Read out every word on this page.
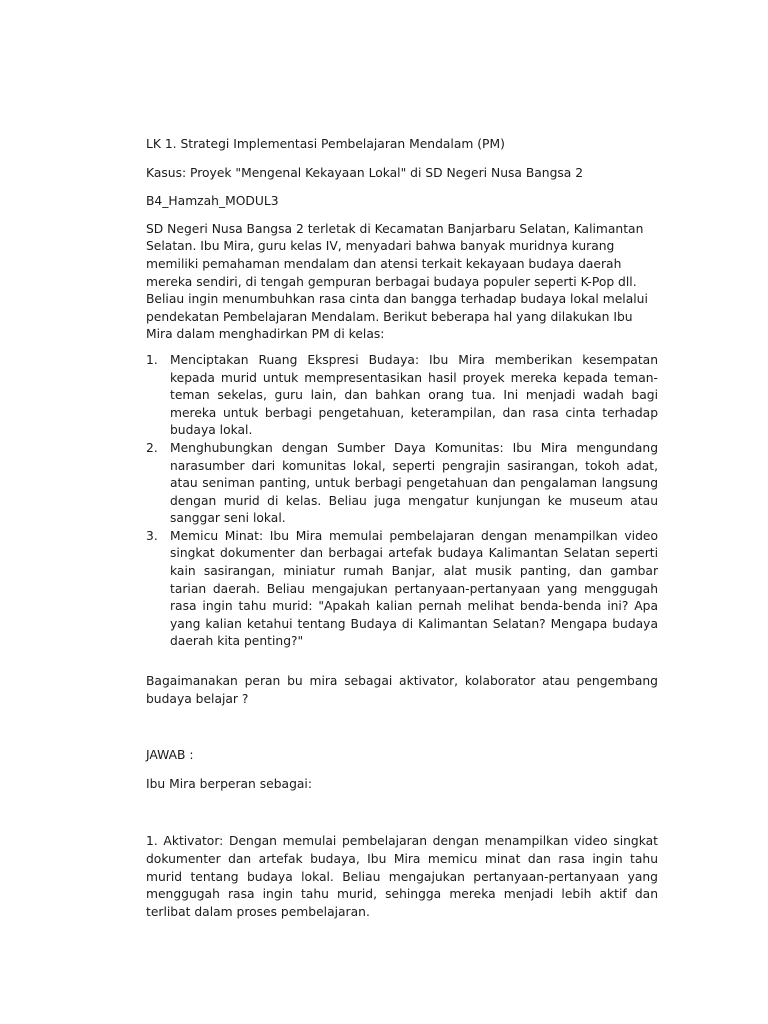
LK 1. Strategi Implementasi Pembelajaran Mendalam (PM)

Kasus: Proyek "Mengenal Kekayaan Lokal" di SD Negeri Nusa Bangsa 2

B4_Hamzah_MODUL3

SD Negeri Nusa Bangsa 2 terletak di Kecamatan Banjarbaru Selatan, Kalimantan Selatan. Ibu Mira, guru kelas IV, menyadari bahwa banyak muridnya kurang memiliki pemahaman mendalam dan atensi terkait kekayaan budaya daerah mereka sendiri, di tengah gempuran berbagai budaya populer seperti K-Pop dll. Beliau ingin menumbuhkan rasa cinta dan bangga terhadap budaya lokal melalui pendekatan Pembelajaran Mendalam. Berikut beberapa hal yang dilakukan Ibu Mira dalam menghadirkan PM di kelas:

1. Menciptakan Ruang Ekspresi Budaya: Ibu Mira memberikan kesempatan kepada murid untuk mempresentasikan hasil proyek mereka kepada teman-teman sekelas, guru lain, dan bahkan orang tua. Ini menjadi wadah bagi mereka untuk berbagi pengetahuan, keterampilan, dan rasa cinta terhadap budaya lokal.
2. Menghubungkan dengan Sumber Daya Komunitas: Ibu Mira mengundang narasumber dari komunitas lokal, seperti pengrajin sasirangan, tokoh adat, atau seniman panting, untuk berbagi pengetahuan dan pengalaman langsung dengan murid di kelas. Beliau juga mengatur kunjungan ke museum atau sanggar seni lokal.
3. Memicu Minat: Ibu Mira memulai pembelajaran dengan menampilkan video singkat dokumenter dan berbagai artefak budaya Kalimantan Selatan seperti kain sasirangan, miniatur rumah Banjar, alat musik panting, dan gambar tarian daerah. Beliau mengajukan pertanyaan-pertanyaan yang menggugah rasa ingin tahu murid: "Apakah kalian pernah melihat benda-benda ini? Apa yang kalian ketahui tentang Budaya di Kalimantan Selatan? Mengapa budaya daerah kita penting?"

Bagaimanakan peran bu mira sebagai aktivator, kolaborator atau pengembang budaya belajar ?

JAWAB :

Ibu Mira berperan sebagai:

1. Aktivator: Dengan memulai pembelajaran dengan menampilkan video singkat dokumenter dan artefak budaya, Ibu Mira memicu minat dan rasa ingin tahu murid tentang budaya lokal. Beliau mengajukan pertanyaan-pertanyaan yang menggugah rasa ingin tahu murid, sehingga mereka menjadi lebih aktif dan terlibat dalam proses pembelajaran.
